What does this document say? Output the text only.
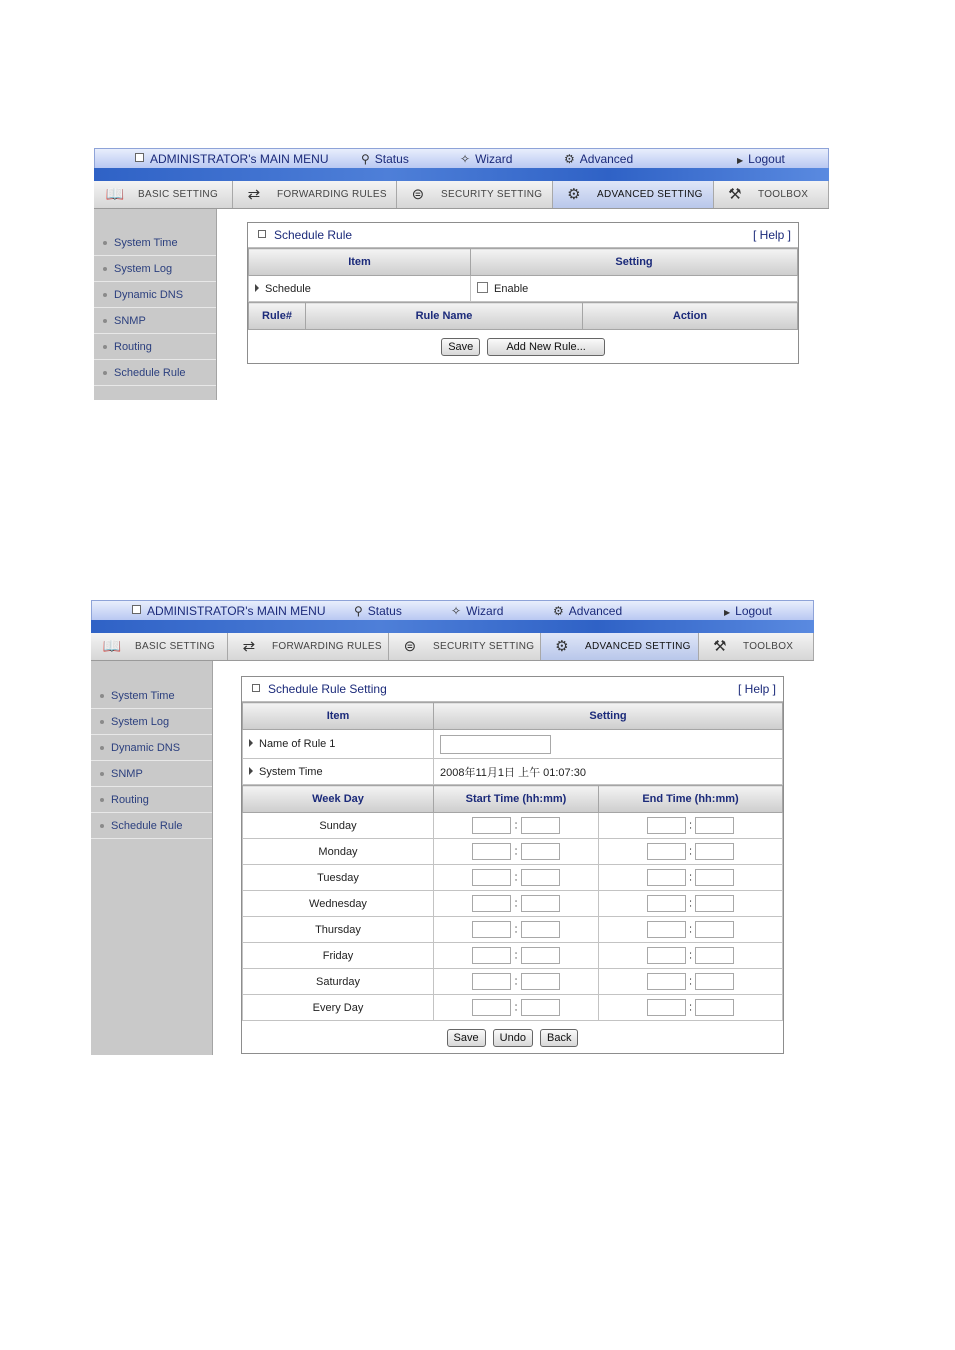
ADMINISTRATOR's MAIN MENU	⚲ Status	✧ Wizard	⚙ Advanced	▶ Logout
📖 BASIC SETTING	⇄	FORWARDING RULES	⊜	SECURITY SETTING ⚙	ADVANCED SETTING ⚒	TOOLBOX
System Time
System Log
Dynamic DNS
SNMP
Routing
Schedule Rule
Schedule Rule	[ Help ]
Item	Setting
Schedule	Enable
Rule#	Rule Name	Action
Save	Add New Rule...
ADMINISTRATOR's MAIN MENU ⚲ Status	✧ Wizard	⚙ Advanced	▶ Logout
📖 BASIC SETTING	⇄	FORWARDING RULES	⊜	SECURITY SETTING ⚙	ADVANCED SETTING ⚒	TOOLBOX
System Time
System Log
Dynamic DNS
SNMP
Routing
Schedule Rule
Schedule Rule Setting	[ Help ]
Item	Setting
Name of Rule 1	
System Time	2008年11月1日 上午 01:07:30
Week Day	Start Time (hh:mm)	End Time (hh:mm)
Sunday	:	:
Monday	:	:
Tuesday	:	:
Wednesday	:	:
Thursday	:	:
Friday	:	:
Saturday	:	:
Every Day	:	:
Save Undo Back		
